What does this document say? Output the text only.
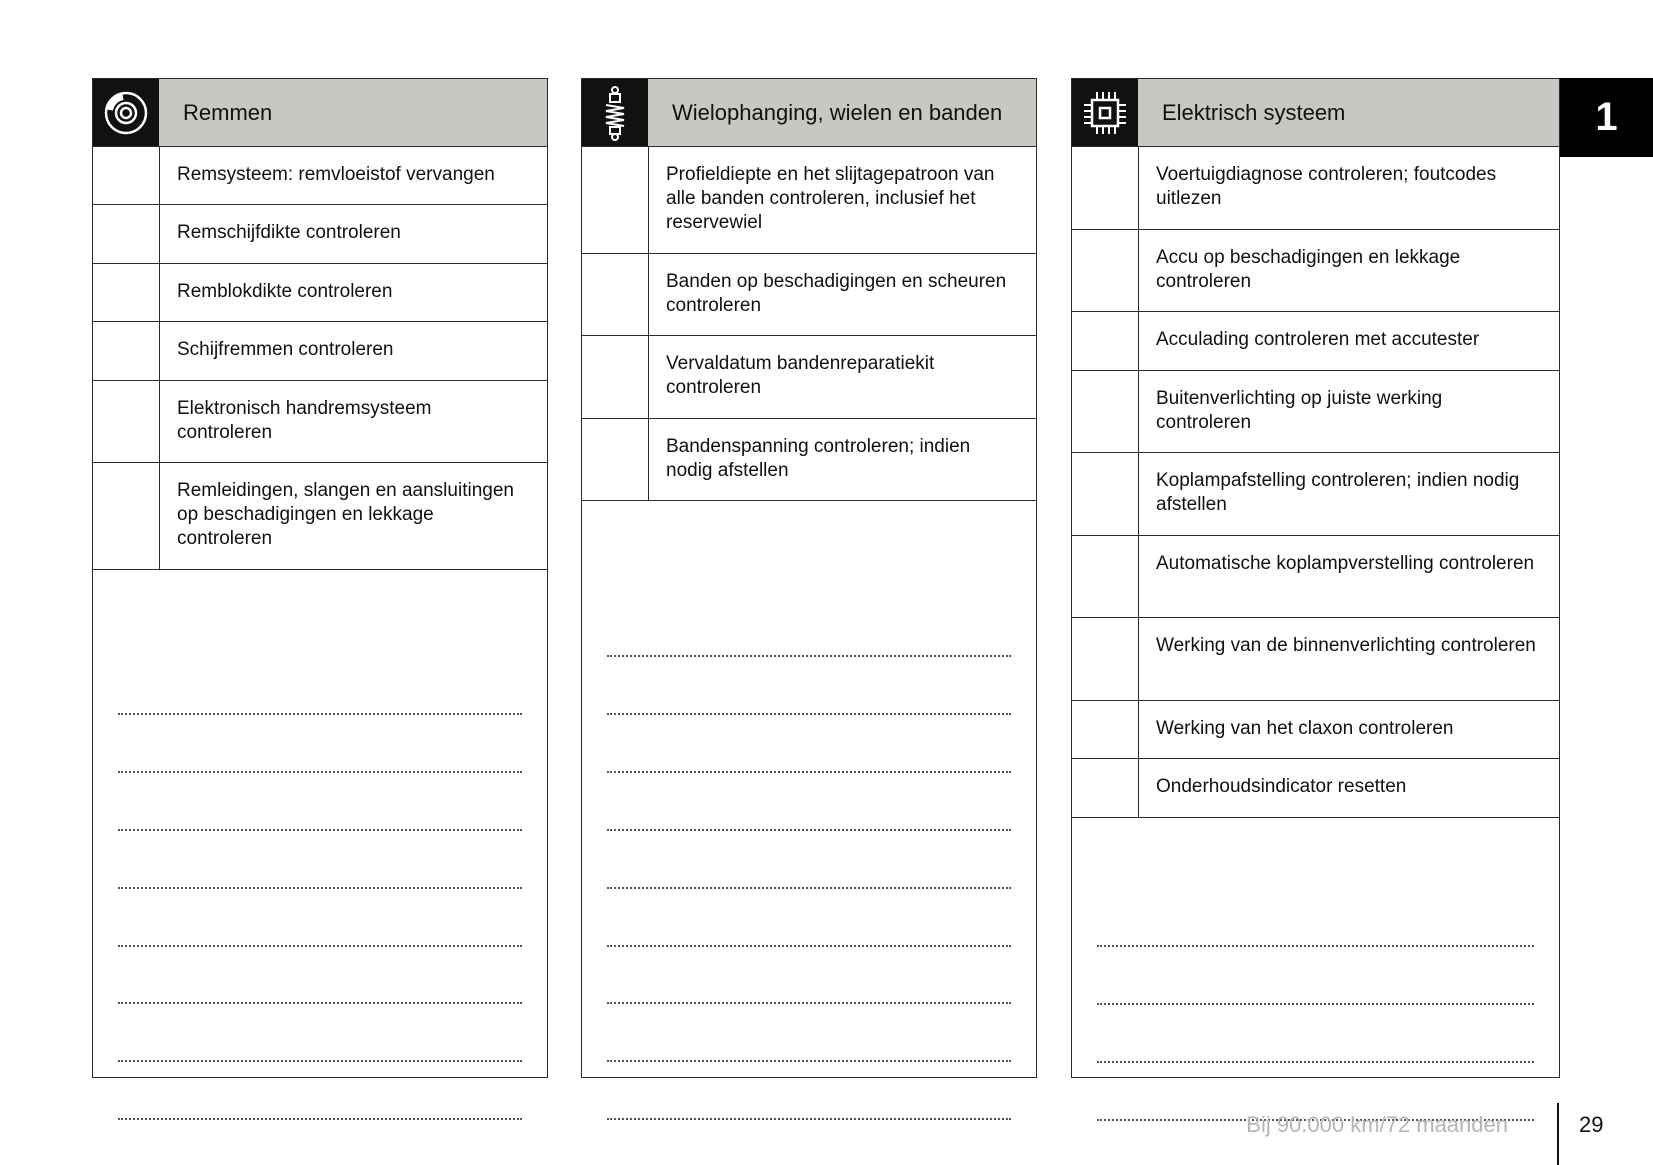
Remmen
Remsysteem: remvloeistof vervangen
Remschijfdikte controleren
Remblokdikte controleren
Schijfremmen controleren
Elektronisch handremsysteem controleren
Remleidingen, slangen en aansluitingen op beschadigingen en lekkage controleren
Wielophanging, wielen en banden
Profieldiepte en het slijtagepatroon van alle banden controleren, inclusief het reservewiel
Banden op beschadigingen en scheuren controleren
Vervaldatum bandenreparatiekit controleren
Bandenspanning controleren; indien nodig afstellen
Elektrisch systeem
Voertuigdiagnose controleren; foutcodes uitlezen
Accu op beschadigingen en lekkage controleren
Acculading controleren met accutester
Buitenverlichting op juiste werking controleren
Koplampafstelling controleren; indien nodig afstellen
Automatische koplampverstelling controleren
Werking van de binnenverlichting controleren
Werking van het claxon controleren
Onderhoudsindicator resetten
1
Bij 90.000 km/72 maanden	29
